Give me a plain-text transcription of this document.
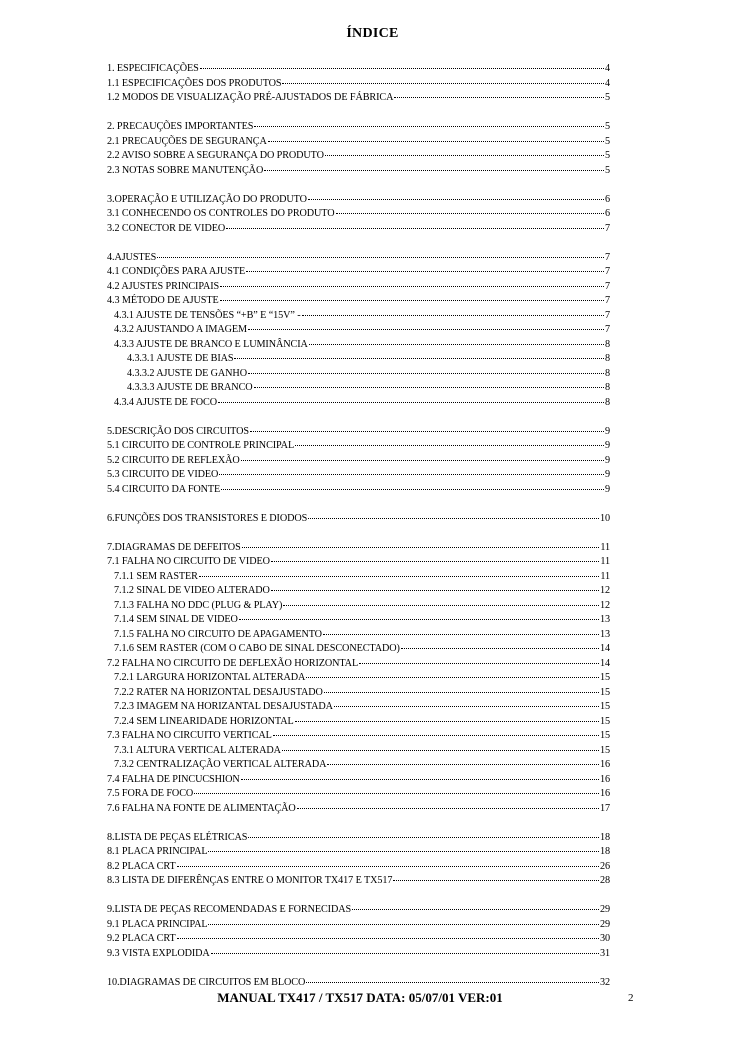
ÍNDICE
1. ESPECIFICAÇÕES	4
1.1 ESPECIFICAÇÕES DOS PRODUTOS	4
1.2 MODOS DE VISUALIZAÇÃO PRÉ-AJUSTADOS DE FÁBRICA	5
2. PRECAUÇÕES IMPORTANTES	5
2.1 PRECAUÇÕES DE SEGURANÇA	5
2.2 AVISO SOBRE A SEGURANÇA DO PRODUTO	5
2.3 NOTAS SOBRE MANUTENÇÃO	5
3.OPERAÇÃO E UTILIZAÇÃO DO PRODUTO	6
3.1 CONHECENDO OS CONTROLES DO PRODUTO	6
3.2 CONECTOR DE VIDEO	7
4.AJUSTES	7
4.1 CONDIÇÕES PARA AJUSTE	7
4.2 AJUSTES PRINCIPAIS	7
4.3 MÉTODO DE AJUSTE	7
4.3.1 AJUSTE DE TENSÕES “+B” E “15V” -	7
4.3.2 AJUSTANDO A IMAGEM	7
4.3.3 AJUSTE DE BRANCO E LUMINÂNCIA	8
4.3.3.1 AJUSTE DE BIAS	8
4.3.3.2 AJUSTE DE GANHO	8
4.3.3.3 AJUSTE DE BRANCO	8
4.3.4 AJUSTE DE FOCO	8
5.DESCRIÇÃO DOS CIRCUITOS	9
5.1 CIRCUITO DE CONTROLE PRINCIPAL	9
5.2 CIRCUITO DE REFLEXÃO	9
5.3 CIRCUITO DE VIDEO	9
5.4 CIRCUITO DA FONTE	9
6.FUNÇÕES DOS TRANSISTORES E DIODOS	10
7.DIAGRAMAS DE DEFEITOS	11
7.1 FALHA NO CIRCUITO DE VIDEO	11
7.1.1 SEM RASTER	11
7.1.2 SINAL DE VIDEO ALTERADO	12
7.1.3 FALHA NO DDC (PLUG & PLAY)	12
7.1.4 SEM SINAL DE VIDEO	13
7.1.5 FALHA NO CIRCUITO DE APAGAMENTO	13
7.1.6 SEM RASTER (COM O CABO DE SINAL DESCONECTADO)	14
7.2 FALHA NO CIRCUITO DE DEFLEXÃO HORIZONTAL	14
7.2.1 LARGURA HORIZONTAL ALTERADA	15
7.2.2 RATER NA HORIZONTAL DESAJUSTADO	15
7.2.3 IMAGEM NA HORIZANTAL DESAJUSTADA	15
7.2.4 SEM LINEARIDADE HORIZONTAL	15
7.3 FALHA NO CIRCUITO VERTICAL	15
7.3.1 ALTURA VERTICAL ALTERADA	15
7.3.2 CENTRALIZAÇÃO VERTICAL ALTERADA	16
7.4 FALHA DE PINCUCSHION	16
7.5 FORA DE FOCO	16
7.6 FALHA NA FONTE DE ALIMENTAÇÃO	17
8.LISTA DE PEÇAS ELÉTRICAS	18
8.1 PLACA PRINCIPAL	18
8.2 PLACA CRT	26
8.3 LISTA DE DIFERÊNÇAS ENTRE O MONITOR TX417 E TX517	28
9.LISTA DE PEÇAS RECOMENDADAS E FORNECIDAS	29
9.1 PLACA PRINCIPAL	29
9.2 PLACA CRT	30
9.3 VISTA EXPLODIDA	31
10.DIAGRAMAS DE CIRCUITOS EM BLOCO	32
MANUAL TX417 / TX517 DATA: 05/07/01 VER:01	2
